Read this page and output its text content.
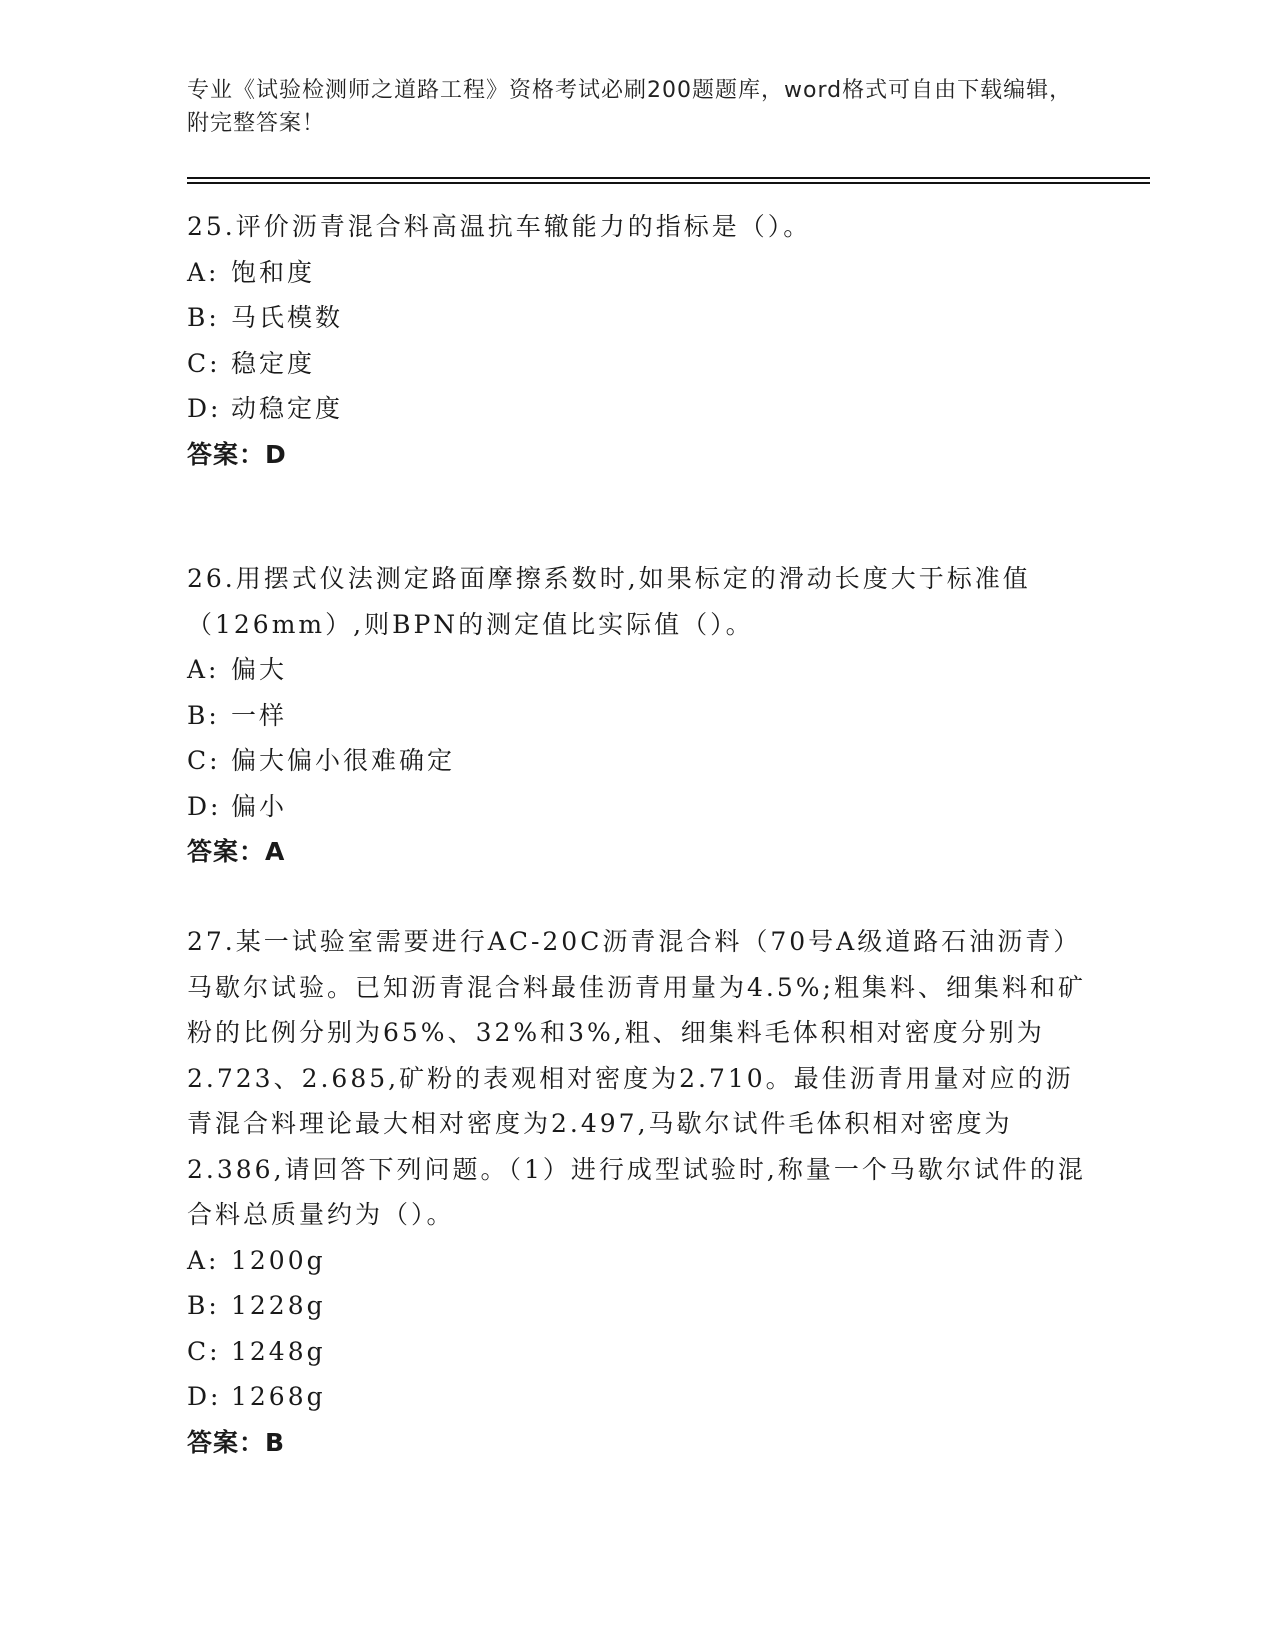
专业《试验检测师之道路工程》资格考试必刷200题题库，word格式可自由下载编辑，附完整答案！

25.评价沥青混合料高温抗车辙能力的指标是（）。

A: 饱和度

B: 马氏模数

C: 稳定度

D: 动稳定度

答案：D

26.用摆式仪法测定路面摩擦系数时,如果标定的滑动长度大于标准值（126mm）,则BPN的测定值比实际值（）。

A: 偏大

B: 一样

C: 偏大偏小很难确定

D: 偏小

答案：A

27.某一试验室需要进行AC-20C沥青混合料（70号A级道路石油沥青）马歇尔试验。已知沥青混合料最佳沥青用量为4.5%;粗集料、细集料和矿粉的比例分别为65%、32%和3%,粗、细集料毛体积相对密度分别为2.723、2.685,矿粉的表观相对密度为2.710。最佳沥青用量对应的沥青混合料理论最大相对密度为2.497,马歇尔试件毛体积相对密度为2.386,请回答下列问题。（1）进行成型试验时,称量一个马歇尔试件的混合料总质量约为（）。

A: 1200g

B: 1228g

C: 1248g

D: 1268g

答案：B
